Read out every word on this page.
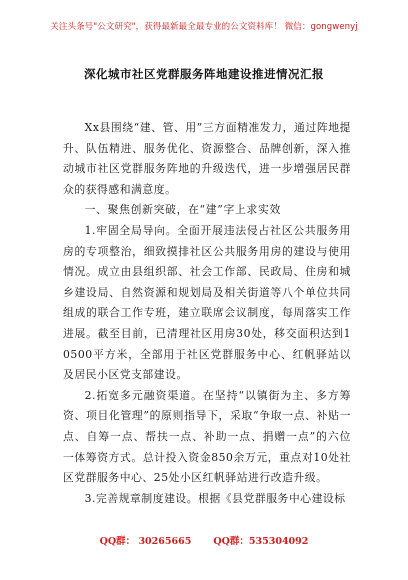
关注头条号"公文研究"，获得最新最全最专业的公文资料库！ 微信：gongwenyj
深化城市社区党群服务阵地建设推进情况汇报

Xx县围绕“建、管、用”三方面精准发力，通过阵地提升、队伍精进、服务优化、资源整合、品牌创新，深入推动城市社区党群服务阵地的升级迭代，进一步增强居民群众的获得感和满意度。

一、聚焦创新突破，在“建”字上求实效

1.牢固全局导向。全面开展违法侵占社区公共服务用房的专项整治，细致摸排社区公共服务用房的建设与使用情况。成立由县组织部、社会工作部、民政局、住房和城乡建设局、自然资源和规划局及相关街道等八个单位共同组成的联合工作专班，建立联席会议制度，每周落实工作进展。截至目前，已清理社区用房30处，移交面积达到10500平方米，全部用于社区党群服务中心、红帆驿站以及居民小区党支部建设。

2.拓宽多元融资渠道。在坚持“以镇街为主、多方筹资、项目化管理”的原则指导下，采取“争取一点、补贴一点、自筹一点、帮扶一点、补助一点、捐赠一点”的六位一体筹资方式。总计投入资金850余万元，重点对10处社区党群服务中心、25处小区红帆驿站进行改造升级。

3.完善规章制度建设。根据《县党群服务中心建设标

QQ群： 30265665 QQ群：535304092
